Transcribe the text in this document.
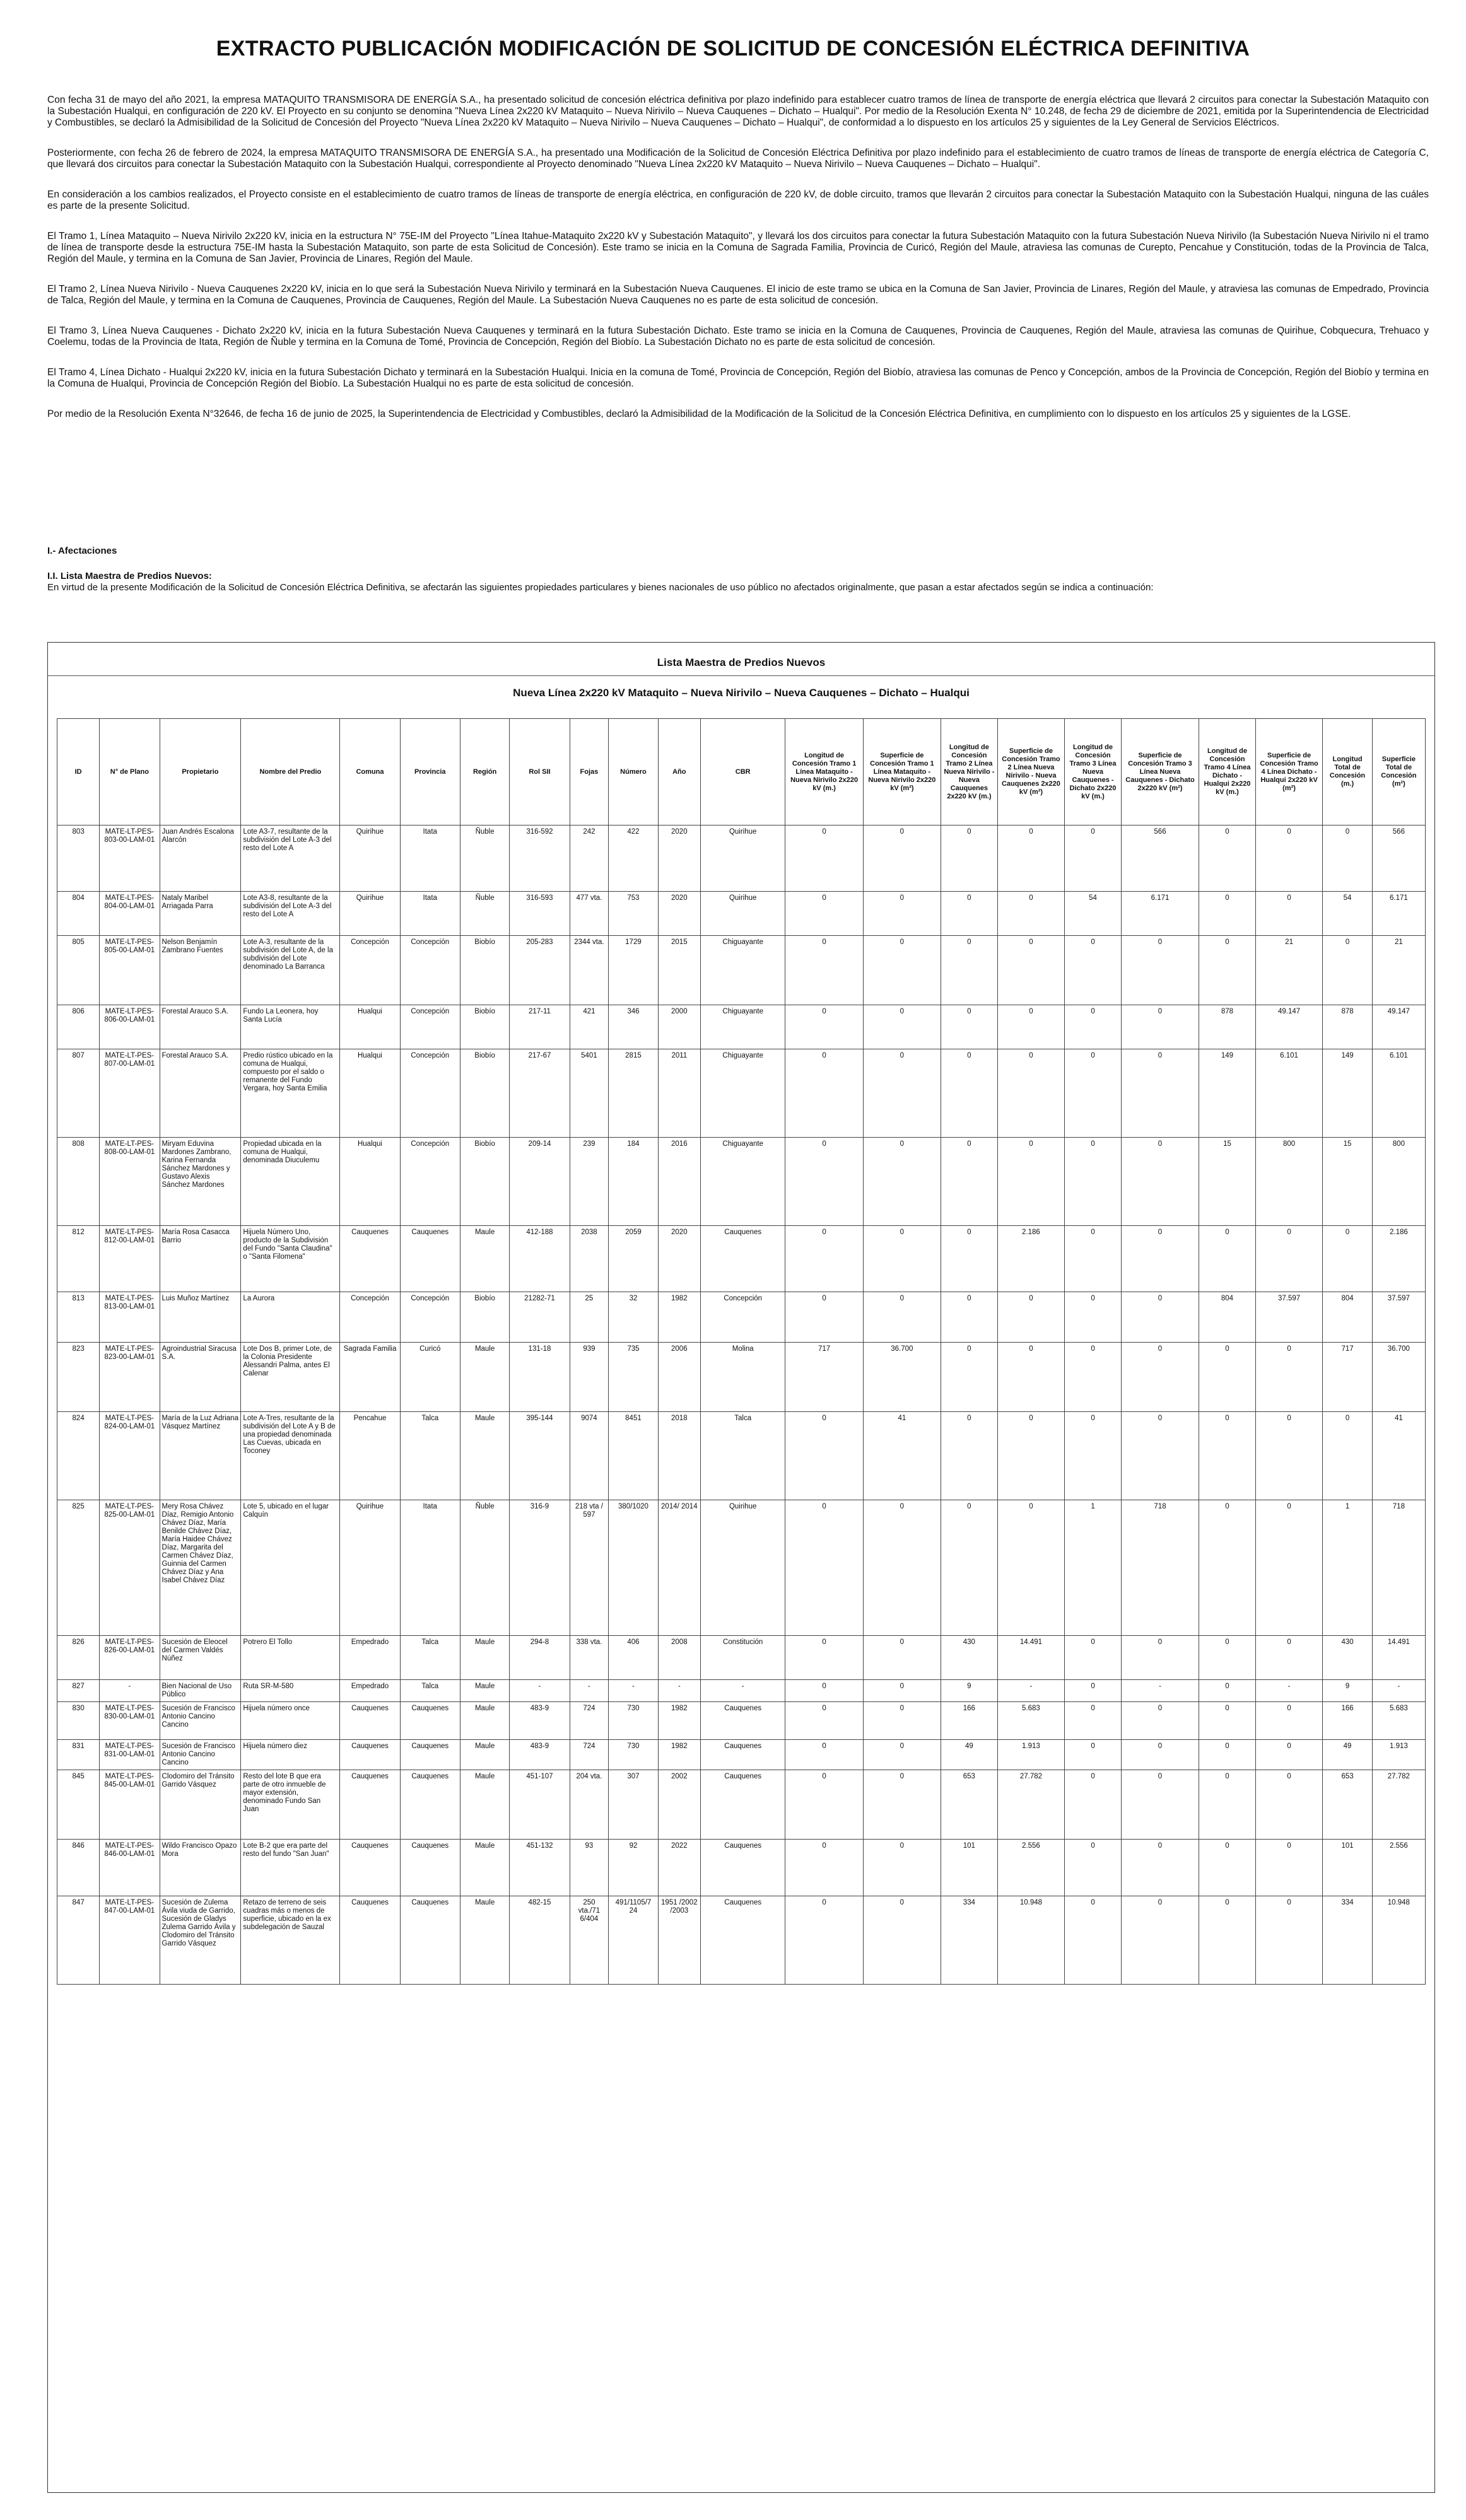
EXTRACTO PUBLICACIÓN MODIFICACIÓN DE SOLICITUD DE CONCESIÓN ELÉCTRICA DEFINITIVA

Con fecha 31 de mayo del año 2021, la empresa MATAQUITO TRANSMISORA DE ENERGÍA S.A., ha presentado solicitud de concesión eléctrica definitiva por plazo indefinido para establecer cuatro tramos de línea de transporte de energía eléctrica que llevará 2 circuitos para conectar la Subestación Mataquito con la Subestación Hualqui, en configuración de 220 kV. El Proyecto en su conjunto se denomina "Nueva Línea 2x220 kV Mataquito – Nueva Nirivilo – Nueva Cauquenes – Dichato – Hualqui". Por medio de la Resolución Exenta N° 10.248, de fecha 29 de diciembre de 2021, emitida por la Superintendencia de Electricidad y Combustibles, se declaró la Admisibilidad de la Solicitud de Concesión del Proyecto "Nueva Línea 2x220 kV Mataquito – Nueva Nirivilo – Nueva Cauquenes – Dichato – Hualqui", de conformidad a lo dispuesto en los artículos 25 y siguientes de la Ley General de Servicios Eléctricos.

Posteriormente, con fecha 26 de febrero de 2024, la empresa MATAQUITO TRANSMISORA DE ENERGÍA S.A., ha presentado una Modificación de la Solicitud de Concesión Eléctrica Definitiva por plazo indefinido para el establecimiento de cuatro tramos de líneas de transporte de energía eléctrica de Categoría C, que llevará dos circuitos para conectar la Subestación Mataquito con la Subestación Hualqui, correspondiente al Proyecto denominado "Nueva Línea 2x220 kV Mataquito – Nueva Nirivilo – Nueva Cauquenes – Dichato – Hualqui".

En consideración a los cambios realizados, el Proyecto consiste en el establecimiento de cuatro tramos de líneas de transporte de energía eléctrica, en configuración de 220 kV, de doble circuito, tramos que llevarán 2 circuitos para conectar la Subestación Mataquito con la Subestación Hualqui, ninguna de las cuáles es parte de la presente Solicitud.

El Tramo 1, Línea Mataquito – Nueva Nirivilo 2x220 kV, inicia en la estructura N° 75E-IM del Proyecto "Línea Itahue-Mataquito 2x220 kV y Subestación Mataquito", y llevará los dos circuitos para conectar la futura Subestación Mataquito con la futura Subestación Nueva Nirivilo (la Subestación Nueva Nirivilo ni el tramo de línea de transporte desde la estructura 75E-IM hasta la Subestación Mataquito, son parte de esta Solicitud de Concesión). Este tramo se inicia en la Comuna de Sagrada Familia, Provincia de Curicó, Región del Maule, atraviesa las comunas de Curepto, Pencahue y Constitución, todas de la Provincia de Talca, Región del Maule, y termina en la Comuna de San Javier, Provincia de Linares, Región del Maule.

El Tramo 2, Línea Nueva Nirivilo - Nueva Cauquenes 2x220 kV, inicia en lo que será la Subestación Nueva Nirivilo y terminará en la Subestación Nueva Cauquenes. El inicio de este tramo se ubica en la Comuna de San Javier, Provincia de Linares, Región del Maule, y atraviesa las comunas de Empedrado, Provincia de Talca, Región del Maule, y termina en la Comuna de Cauquenes, Provincia de Cauquenes, Región del Maule. La Subestación Nueva Cauquenes no es parte de esta solicitud de concesión.

El Tramo 3, Línea Nueva Cauquenes - Dichato 2x220 kV, inicia en la futura Subestación Nueva Cauquenes y terminará en la futura Subestación Dichato. Este tramo se inicia en la Comuna de Cauquenes, Provincia de Cauquenes, Región del Maule, atraviesa las comunas de Quirihue, Cobquecura, Trehuaco y Coelemu, todas de la Provincia de Itata, Región de Ñuble y termina en la Comuna de Tomé, Provincia de Concepción, Región del Biobío. La Subestación Dichato no es parte de esta solicitud de concesión.

El Tramo 4, Línea Dichato - Hualqui 2x220 kV, inicia en la futura Subestación Dichato y terminará en la Subestación Hualqui. Inicia en la comuna de Tomé, Provincia de Concepción, Región del Biobío, atraviesa las comunas de Penco y Concepción, ambos de la Provincia de Concepción, Región del Biobío y termina en la Comuna de Hualqui, Provincia de Concepción Región del Biobío. La Subestación Hualqui no es parte de esta solicitud de concesión.

Por medio de la Resolución Exenta N°32646, de fecha 16 de junio de 2025, la Superintendencia de Electricidad y Combustibles, declaró la Admisibilidad de la Modificación de la Solicitud de la Concesión Eléctrica Definitiva, en cumplimiento con lo dispuesto en los artículos 25 y siguientes de la LGSE.

I.- Afectaciones
I.I. Lista Maestra de Predios Nuevos:
En virtud de la presente Modificación de la Solicitud de Concesión Eléctrica Definitiva, se afectarán las siguientes propiedades particulares y bienes nacionales de uso público no afectados originalmente, que pasan a estar afectados según se indica a continuación:
Lista Maestra de Predios Nuevos
Nueva Línea 2x220 kV Mataquito – Nueva Nirivilo – Nueva Cauquenes – Dichato – Hualqui
ID	N° de Plano	Propietario	Nombre del Predio	Comuna	Provincia	Región	Rol SII	Fojas	Número	Año	CBR	Longitud de Concesión Tramo 1 Línea Mataquito - Nueva Nirivilo 2x220 kV (m.)	Superficie de Concesión Tramo 1 Línea Mataquito - Nueva Nirivilo 2x220 kV (m²)	Longitud de Concesión Tramo 2 Línea Nueva Nirivilo - Nueva Cauquenes 2x220 kV (m.)	Superficie de Concesión Tramo 2 Línea Nueva Nirivilo - Nueva Cauquenes 2x220 kV (m²)	Longitud de Concesión Tramo 3 Línea Nueva Cauquenes - Dichato 2x220 kV (m.)	Superficie de Concesión Tramo 3 Línea Nueva Cauquenes - Dichato 2x220 kV (m²)	Longitud de Concesión Tramo 4 Línea Dichato - Hualqui 2x220 kV (m.)	Superficie de Concesión Tramo 4 Línea Dichato - Hualqui 2x220 kV (m²)	Longitud Total de Concesión (m.)	Superficie Total de Concesión (m²)
803	MATE-LT-PES-803-00-LAM-01	Juan Andrés Escalona Alarcón	Lote A3-7, resultante de la subdivisión del Lote A-3 del resto del Lote A	Quirihue	Itata	Ñuble	316-592	242	422	2020	Quirihue	0	0	0	0	0	566	0	0	0	566
804	MATE-LT-PES-804-00-LAM-01	Nataly Maribel Arriagada Parra	Lote A3-8, resultante de la subdivisión del Lote A-3 del resto del Lote A	Quirihue	Itata	Ñuble	316-593	477 vta.	753	2020	Quirihue	0	0	0	0	54	6.171	0	0	54	6.171
805	MATE-LT-PES-805-00-LAM-01	Nelson Benjamín Zambrano Fuentes	Lote A-3, resultante de la subdivisión del Lote A, de la subdivisión del Lote denominado La Barranca	Concepción	Concepción	Biobío	205-283	2344 vta.	1729	2015	Chiguayante	0	0	0	0	0	0	0	21	0	21
806	MATE-LT-PES-806-00-LAM-01	Forestal Arauco S.A.	Fundo La Leonera, hoy Santa Lucía	Hualqui	Concepción	Biobío	217-11	421	346	2000	Chiguayante	0	0	0	0	0	0	878	49.147	878	49.147
807	MATE-LT-PES-807-00-LAM-01	Forestal Arauco S.A.	Predio rústico ubicado en la comuna de Hualqui, compuesto por el saldo o remanente del Fundo Vergara, hoy Santa Emilia	Hualqui	Concepción	Biobío	217-67	5401	2815	2011	Chiguayante	0	0	0	0	0	0	149	6.101	149	6.101
808	MATE-LT-PES-808-00-LAM-01	Miryam Eduvina Mardones Zambrano, Karina Fernanda Sánchez Mardones y Gustavo Alexis Sánchez Mardones	Propiedad ubicada en la comuna de Hualqui, denominada Diuculemu	Hualqui	Concepción	Biobío	209-14	239	184	2016	Chiguayante	0	0	0	0	0	0	15	800	15	800
812	MATE-LT-PES-812-00-LAM-01	María Rosa Casacca Barrio	Hijuela Número Uno, producto de la Subdivisión del Fundo "Santa Claudina" o "Santa Filomena"	Cauquenes	Cauquenes	Maule	412-188	2038	2059	2020	Cauquenes	0	0	0	2.186	0	0	0	0	0	2.186
813	MATE-LT-PES-813-00-LAM-01	Luis Muñoz Martínez	La Aurora	Concepción	Concepción	Biobío	21282-71	25	32	1982	Concepción	0	0	0	0	0	0	804	37.597	804	37.597
823	MATE-LT-PES-823-00-LAM-01	Agroindustrial Siracusa S.A.	Lote Dos B, primer Lote, de la Colonia Presidente Alessandri Palma, antes El Calenar	Sagrada Familia	Curicó	Maule	131-18	939	735	2006	Molina	717	36.700	0	0	0	0	0	0	717	36.700
824	MATE-LT-PES-824-00-LAM-01	María de la Luz Adriana Vásquez Martínez	Lote A-Tres, resultante de la subdivisión del Lote A y B de una propiedad denominada Las Cuevas, ubicada en Toconey	Pencahue	Talca	Maule	395-144	9074	8451	2018	Talca	0	41	0	0	0	0	0	0	0	41
825	MATE-LT-PES-825-00-LAM-01	Mery Rosa Chávez Díaz, Remigio Antonio Chávez Díaz, María Benilde Chávez Díaz, María Haidee Chávez Díaz, Margarita del Carmen Chávez Díaz, Guinnia del Carmen Chávez Díaz y Ana Isabel Chávez Díaz	Lote 5, ubicado en el lugar Calquín	Quirihue	Itata	Ñuble	316-9	218 vta / 597	380/1020	2014/ 2014	Quirihue	0	0	0	0	1	718	0	0	1	718
826	MATE-LT-PES-826-00-LAM-01	Sucesión de Eleocel del Carmen Valdés Núñez	Potrero El Tollo	Empedrado	Talca	Maule	294-8	338 vta.	406	2008	Constitución	0	0	430	14.491	0	0	0	0	430	14.491
827	-	Bien Nacional de Uso Público	Ruta SR-M-580	Empedrado	Talca	Maule	-	-	-	-	-	0	0	9	-	0	-	0	-	9	-
830	MATE-LT-PES-830-00-LAM-01	Sucesión de Francisco Antonio Cancino Cancino	Hijuela número once	Cauquenes	Cauquenes	Maule	483-9	724	730	1982	Cauquenes	0	0	166	5.683	0	0	0	0	166	5.683
831	MATE-LT-PES-831-00-LAM-01	Sucesión de Francisco Antonio Cancino Cancino	Hijuela número diez	Cauquenes	Cauquenes	Maule	483-9	724	730	1982	Cauquenes	0	0	49	1.913	0	0	0	0	49	1.913
845	MATE-LT-PES-845-00-LAM-01	Clodomiro del Tránsito Garrido Vásquez	Resto del lote B que era parte de otro inmueble de mayor extensión, denominado Fundo San Juan	Cauquenes	Cauquenes	Maule	451-107	204 vta.	307	2002	Cauquenes	0	0	653	27.782	0	0	0	0	653	27.782
846	MATE-LT-PES-846-00-LAM-01	Wildo Francisco Opazo Mora	Lote B-2 que era parte del resto del fundo "San Juan"	Cauquenes	Cauquenes	Maule	451-132	93	92	2022	Cauquenes	0	0	101	2.556	0	0	0	0	101	2.556
847	MATE-LT-PES-847-00-LAM-01	Sucesión de Zulema Ávila viuda de Garrido, Sucesión de Gladys Zulema Garrido Ávila y Clodomiro del Tránsito Garrido Vásquez	Retazo de terreno de seis cuadras más o menos de superficie, ubicado en la ex subdelegación de Sauzal	Cauquenes	Cauquenes	Maule	482-15	250 vta./71 6/404	491/1105/7 24	1951 /2002 /2003	Cauquenes	0	0	334	10.948	0	0	0	0	334	10.948
